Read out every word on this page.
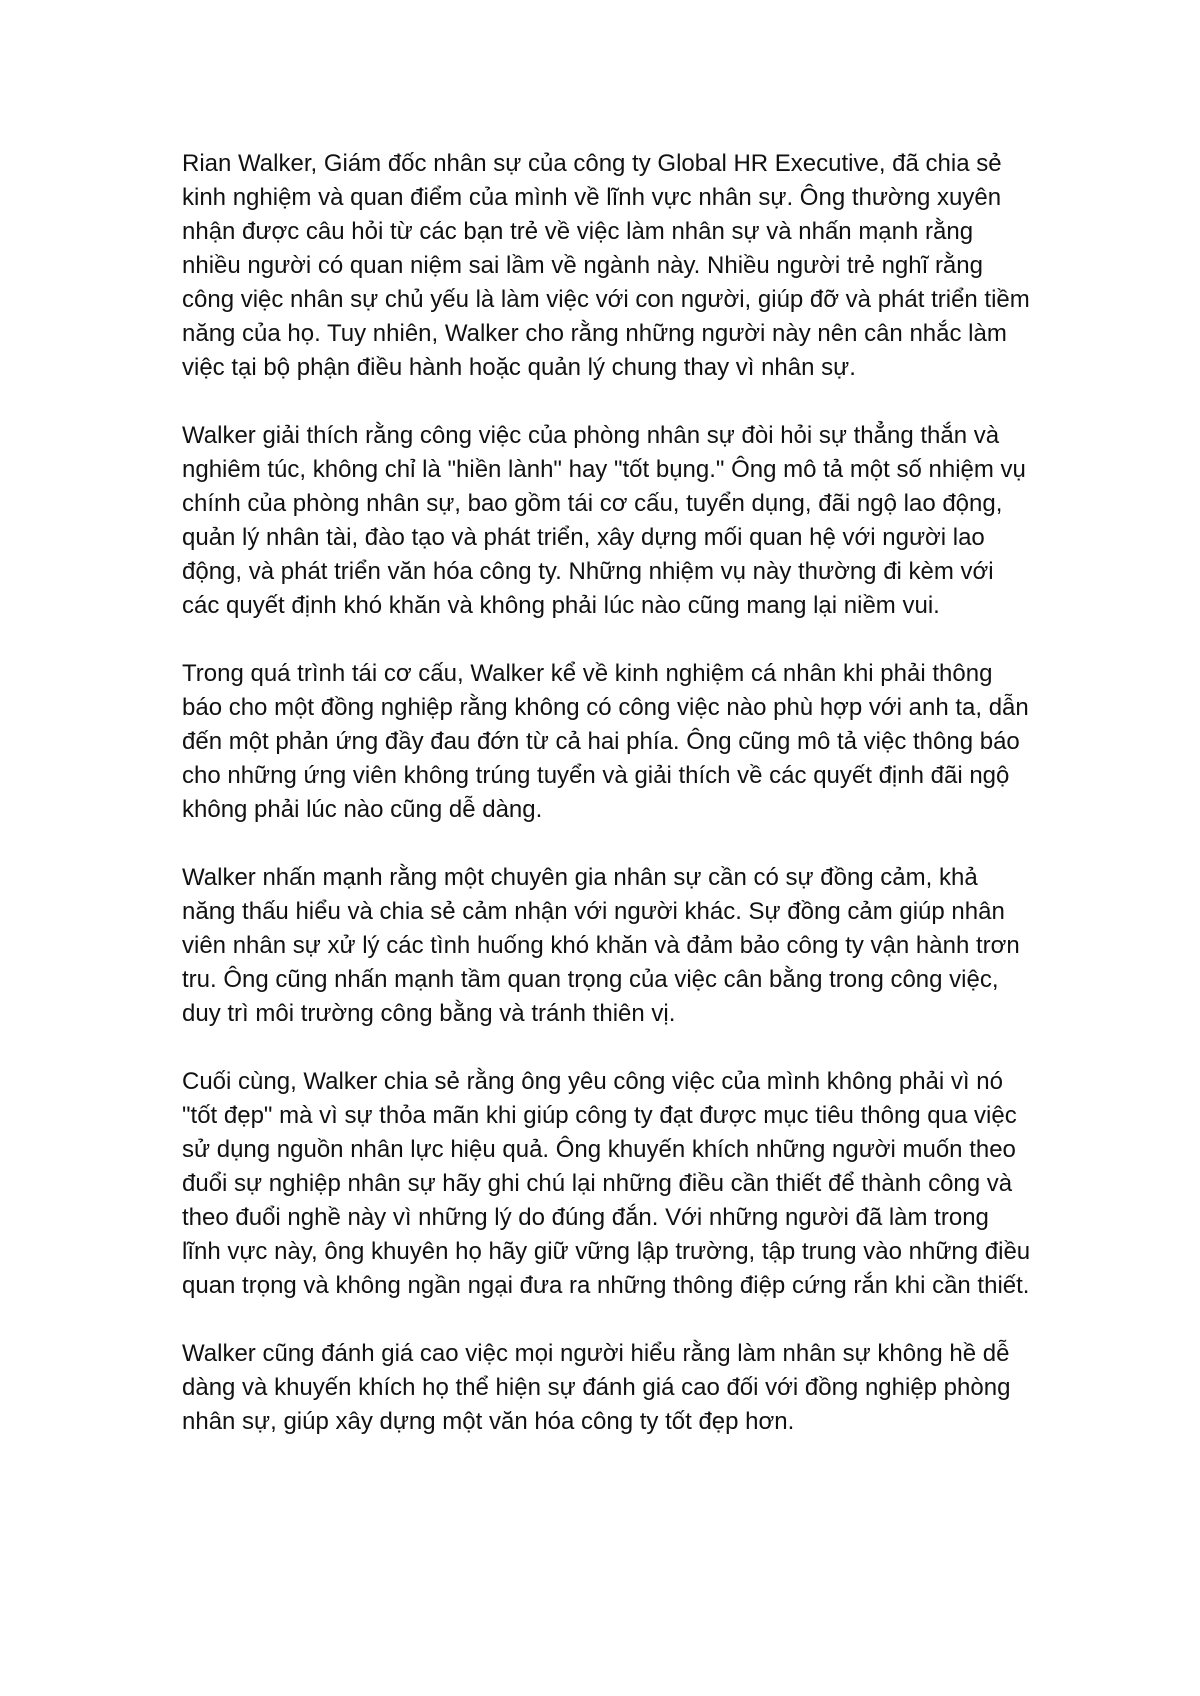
Rian Walker, Giám đốc nhân sự của công ty Global HR Executive, đã chia sẻ kinh nghiệm và quan điểm của mình về lĩnh vực nhân sự. Ông thường xuyên nhận được câu hỏi từ các bạn trẻ về việc làm nhân sự và nhấn mạnh rằng nhiều người có quan niệm sai lầm về ngành này. Nhiều người trẻ nghĩ rằng công việc nhân sự chủ yếu là làm việc với con người, giúp đỡ và phát triển tiềm năng của họ. Tuy nhiên, Walker cho rằng những người này nên cân nhắc làm việc tại bộ phận điều hành hoặc quản lý chung thay vì nhân sự.

Walker giải thích rằng công việc của phòng nhân sự đòi hỏi sự thẳng thắn và nghiêm túc, không chỉ là "hiền lành" hay "tốt bụng." Ông mô tả một số nhiệm vụ chính của phòng nhân sự, bao gồm tái cơ cấu, tuyển dụng, đãi ngộ lao động, quản lý nhân tài, đào tạo và phát triển, xây dựng mối quan hệ với người lao động, và phát triển văn hóa công ty. Những nhiệm vụ này thường đi kèm với các quyết định khó khăn và không phải lúc nào cũng mang lại niềm vui.

Trong quá trình tái cơ cấu, Walker kể về kinh nghiệm cá nhân khi phải thông báo cho một đồng nghiệp rằng không có công việc nào phù hợp với anh ta, dẫn đến một phản ứng đầy đau đớn từ cả hai phía. Ông cũng mô tả việc thông báo cho những ứng viên không trúng tuyển và giải thích về các quyết định đãi ngộ không phải lúc nào cũng dễ dàng.

Walker nhấn mạnh rằng một chuyên gia nhân sự cần có sự đồng cảm, khả năng thấu hiểu và chia sẻ cảm nhận với người khác. Sự đồng cảm giúp nhân viên nhân sự xử lý các tình huống khó khăn và đảm bảo công ty vận hành trơn tru. Ông cũng nhấn mạnh tầm quan trọng của việc cân bằng trong công việc, duy trì môi trường công bằng và tránh thiên vị.

Cuối cùng, Walker chia sẻ rằng ông yêu công việc của mình không phải vì nó "tốt đẹp" mà vì sự thỏa mãn khi giúp công ty đạt được mục tiêu thông qua việc sử dụng nguồn nhân lực hiệu quả. Ông khuyến khích những người muốn theo đuổi sự nghiệp nhân sự hãy ghi chú lại những điều cần thiết để thành công và theo đuổi nghề này vì những lý do đúng đắn. Với những người đã làm trong lĩnh vực này, ông khuyên họ hãy giữ vững lập trường, tập trung vào những điều quan trọng và không ngần ngại đưa ra những thông điệp cứng rắn khi cần thiết.

Walker cũng đánh giá cao việc mọi người hiểu rằng làm nhân sự không hề dễ dàng và khuyến khích họ thể hiện sự đánh giá cao đối với đồng nghiệp phòng nhân sự, giúp xây dựng một văn hóa công ty tốt đẹp hơn.
